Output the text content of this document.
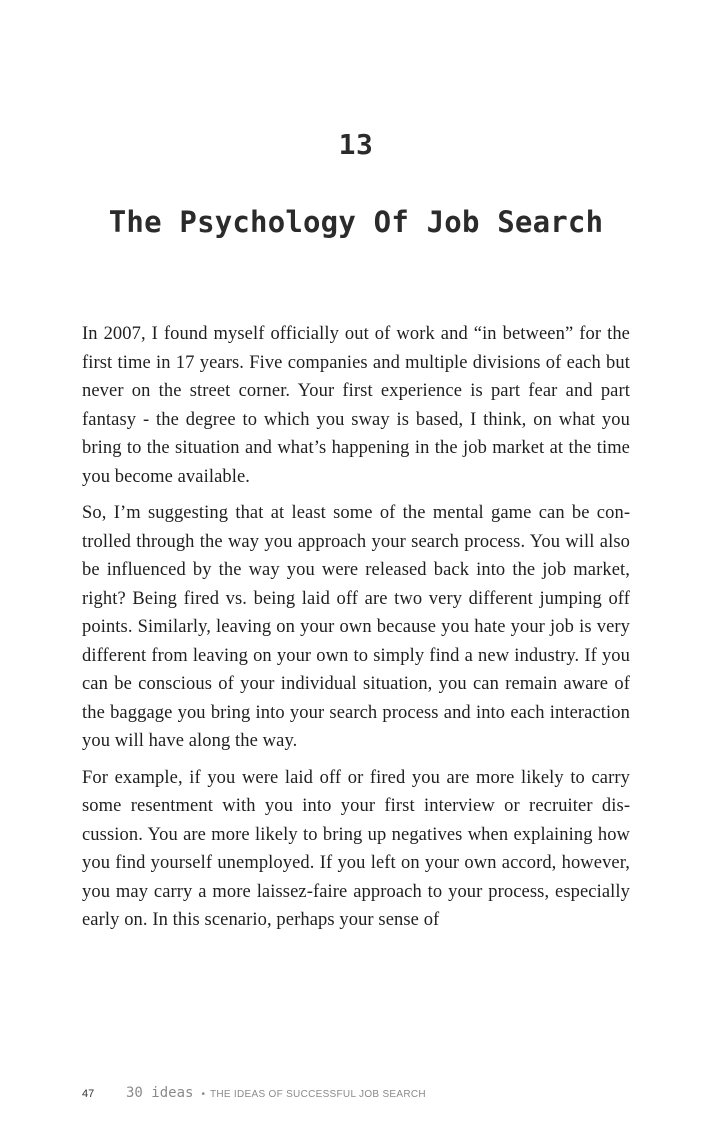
13
The Psychology Of Job Search

In 2007, I found myself officially out of work and “in between” for the first time in 17 years. Five companies and multiple divisions of each but never on the street corner. Your first experience is part fear and part fantasy - the degree to which you sway is based, I think, on what you bring to the situation and what’s happening in the job market at the time you become available.

So, I’m suggesting that at least some of the mental game can be controlled through the way you approach your search process. You will also be influenced by the way you were released back into the job market, right? Being fired vs. being laid off are two very different jumping off points. Similarly, leaving on your own because you hate your job is very different from leaving on your own to simply find a new industry. If you can be conscious of your individual situation, you can remain aware of the baggage you bring into your search process and into each interaction you will have along the way.

For example, if you were laid off or fired you are more likely to carry some resentment with you into your first interview or recruiter discussion. You are more likely to bring up negatives when explaining how you find yourself unemployed. If you left on your own accord, however, you may carry a more laissez-faire approach to your process, especially early on. In this scenario, perhaps your sense of

47	30 ideas • THE IDEAS OF SUCCESSFUL JOB SEARCH
